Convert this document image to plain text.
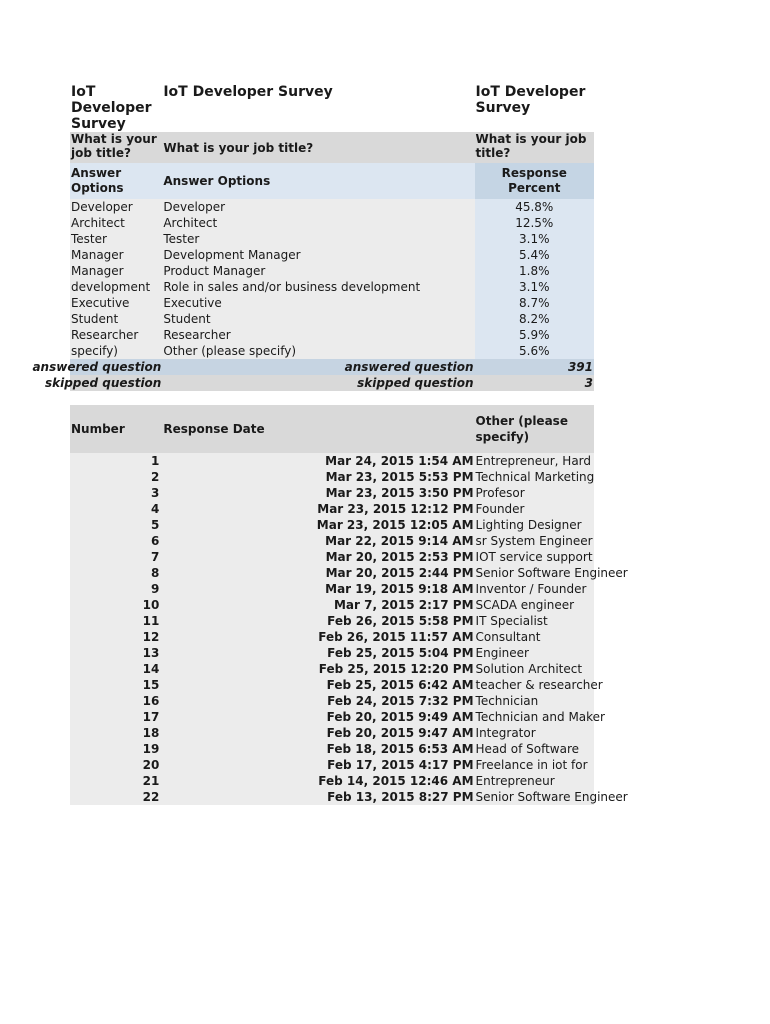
IoT Developer Survey	IoT Developer Survey	IoT Developer Survey
What is your job title?	What is your job title?	What is your job title?
Answer Options	Answer Options	Response Percent
Developer	Developer	45.8%
Architect	Architect	12.5%
Tester	Tester	3.1%
Manager	Development Manager	5.4%
Manager	Product Manager	1.8%
development	Role in sales and/or business development	3.1%
Executive	Executive	8.7%
Student	Student	8.2%
Researcher	Researcher	5.9%
specify)	Other (please specify)	5.6%
answered question	answered question	391
skipped question	skipped question	3
Number	Response Date	Other (please specify)
1	Mar 24, 2015 1:54 AM	Entrepreneur, Hard
2	Mar 23, 2015 5:53 PM	Technical Marketing
3	Mar 23, 2015 3:50 PM	Profesor
4	Mar 23, 2015 12:12 PM	Founder
5	Mar 23, 2015 12:05 AM	Lighting Designer
6	Mar 22, 2015 9:14 AM	sr System Engineer
7	Mar 20, 2015 2:53 PM	IOT service support
8	Mar 20, 2015 2:44 PM	Senior Software Engineer
9	Mar 19, 2015 9:18 AM	Inventor / Founder
10	Mar 7, 2015 2:17 PM	SCADA engineer
11	Feb 26, 2015 5:58 PM	IT Specialist
12	Feb 26, 2015 11:57 AM	Consultant
13	Feb 25, 2015 5:04 PM	Engineer
14	Feb 25, 2015 12:20 PM	Solution Architect
15	Feb 25, 2015 6:42 AM	teacher & researcher
16	Feb 24, 2015 7:32 PM	Technician
17	Feb 20, 2015 9:49 AM	Technician and Maker
18	Feb 20, 2015 9:47 AM	Integrator
19	Feb 18, 2015 6:53 AM	Head of Software
20	Feb 17, 2015 4:17 PM	Freelance in iot for
21	Feb 14, 2015 12:46 AM	Entrepreneur
22	Feb 13, 2015 8:27 PM	Senior Software Engineer
